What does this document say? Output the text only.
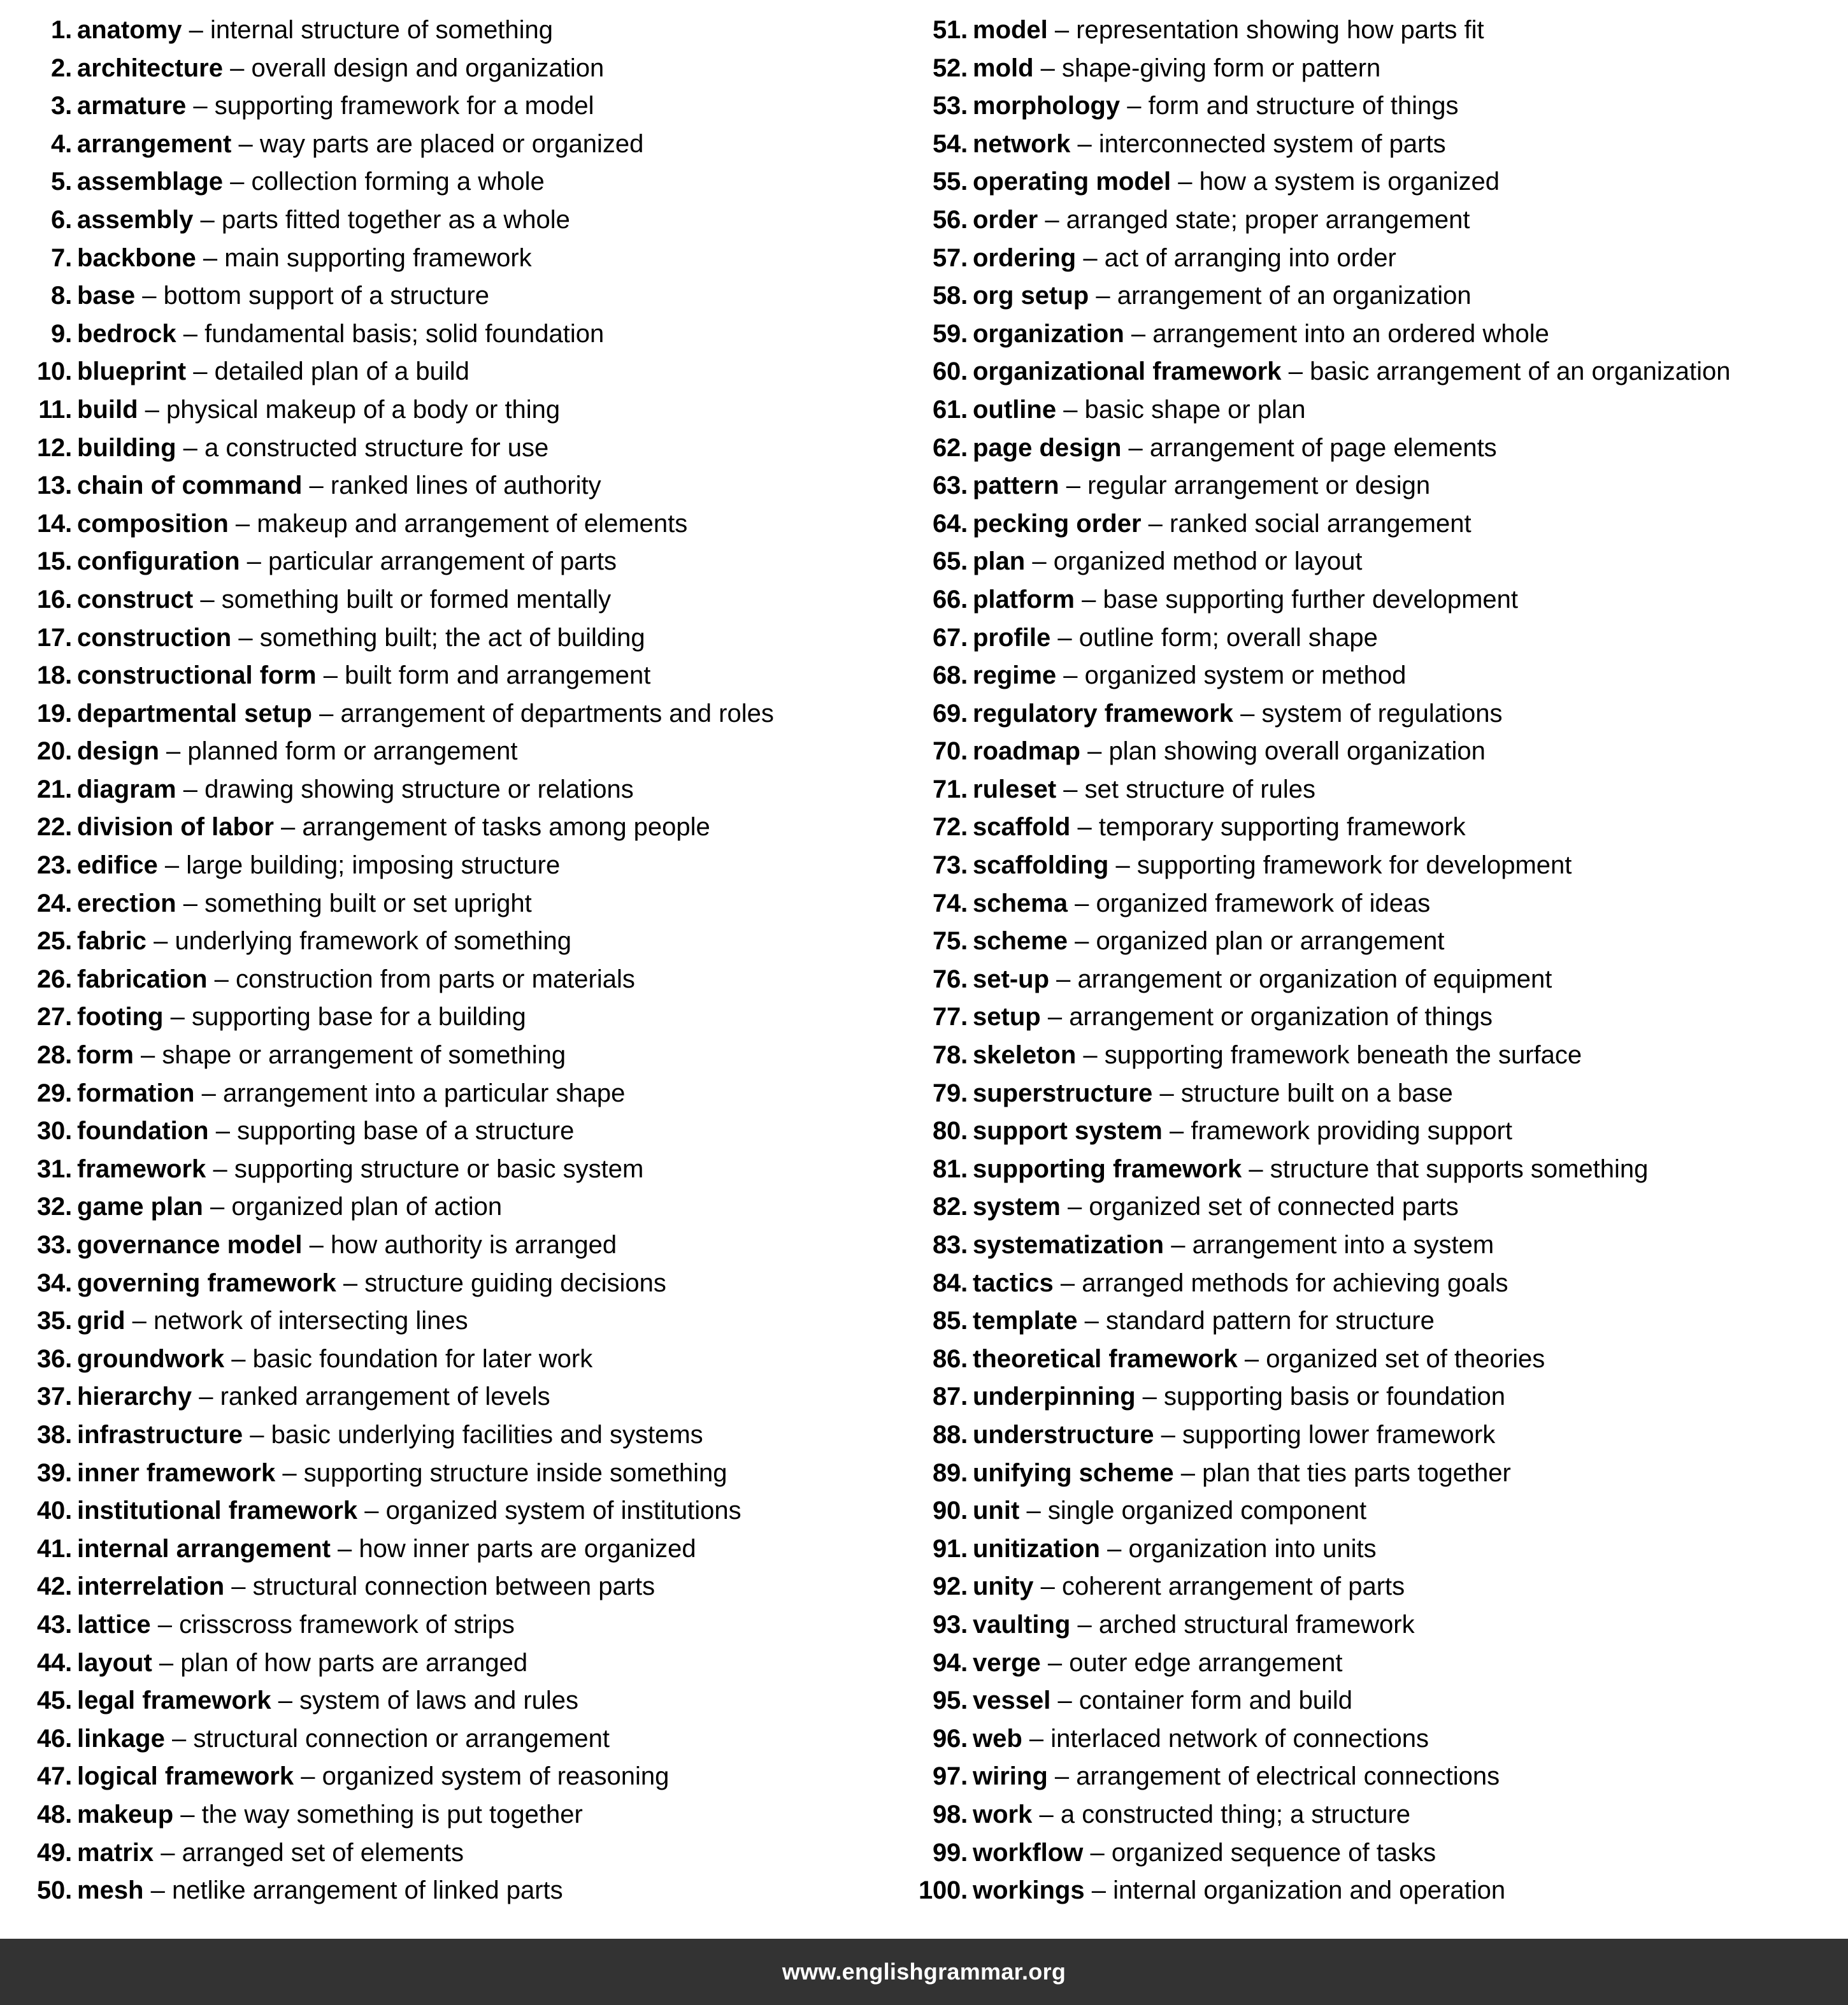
1. anatomy – internal structure of something
2. architecture – overall design and organization
3. armature – supporting framework for a model
4. arrangement – way parts are placed or organized
5. assemblage – collection forming a whole
6. assembly – parts fitted together as a whole
7. backbone – main supporting framework
8. base – bottom support of a structure
9. bedrock – fundamental basis; solid foundation
10. blueprint – detailed plan of a build
11. build – physical makeup of a body or thing
12. building – a constructed structure for use
13. chain of command – ranked lines of authority
14. composition – makeup and arrangement of elements
15. configuration – particular arrangement of parts
16. construct – something built or formed mentally
17. construction – something built; the act of building
18. constructional form – built form and arrangement
19. departmental setup – arrangement of departments and roles
20. design – planned form or arrangement
21. diagram – drawing showing structure or relations
22. division of labor – arrangement of tasks among people
23. edifice – large building; imposing structure
24. erection – something built or set upright
25. fabric – underlying framework of something
26. fabrication – construction from parts or materials
27. footing – supporting base for a building
28. form – shape or arrangement of something
29. formation – arrangement into a particular shape
30. foundation – supporting base of a structure
31. framework – supporting structure or basic system
32. game plan – organized plan of action
33. governance model – how authority is arranged
34. governing framework – structure guiding decisions
35. grid – network of intersecting lines
36. groundwork – basic foundation for later work
37. hierarchy – ranked arrangement of levels
38. infrastructure – basic underlying facilities and systems
39. inner framework – supporting structure inside something
40. institutional framework – organized system of institutions
41. internal arrangement – how inner parts are organized
42. interrelation – structural connection between parts
43. lattice – crisscross framework of strips
44. layout – plan of how parts are arranged
45. legal framework – system of laws and rules
46. linkage – structural connection or arrangement
47. logical framework – organized system of reasoning
48. makeup – the way something is put together
49. matrix – arranged set of elements
50. mesh – netlike arrangement of linked parts
51. model – representation showing how parts fit
52. mold – shape-giving form or pattern
53. morphology – form and structure of things
54. network – interconnected system of parts
55. operating model – how a system is organized
56. order – arranged state; proper arrangement
57. ordering – act of arranging into order
58. org setup – arrangement of an organization
59. organization – arrangement into an ordered whole
60. organizational framework – basic arrangement of an organization
61. outline – basic shape or plan
62. page design – arrangement of page elements
63. pattern – regular arrangement or design
64. pecking order – ranked social arrangement
65. plan – organized method or layout
66. platform – base supporting further development
67. profile – outline form; overall shape
68. regime – organized system or method
69. regulatory framework – system of regulations
70. roadmap – plan showing overall organization
71. ruleset – set structure of rules
72. scaffold – temporary supporting framework
73. scaffolding – supporting framework for development
74. schema – organized framework of ideas
75. scheme – organized plan or arrangement
76. set-up – arrangement or organization of equipment
77. setup – arrangement or organization of things
78. skeleton – supporting framework beneath the surface
79. superstructure – structure built on a base
80. support system – framework providing support
81. supporting framework – structure that supports something
82. system – organized set of connected parts
83. systematization – arrangement into a system
84. tactics – arranged methods for achieving goals
85. template – standard pattern for structure
86. theoretical framework – organized set of theories
87. underpinning – supporting basis or foundation
88. understructure – supporting lower framework
89. unifying scheme – plan that ties parts together
90. unit – single organized component
91. unitization – organization into units
92. unity – coherent arrangement of parts
93. vaulting – arched structural framework
94. verge – outer edge arrangement
95. vessel – container form and build
96. web – interlaced network of connections
97. wiring – arrangement of electrical connections
98. work – a constructed thing; a structure
99. workflow – organized sequence of tasks
100. workings – internal organization and operation
www.englishgrammar.org
